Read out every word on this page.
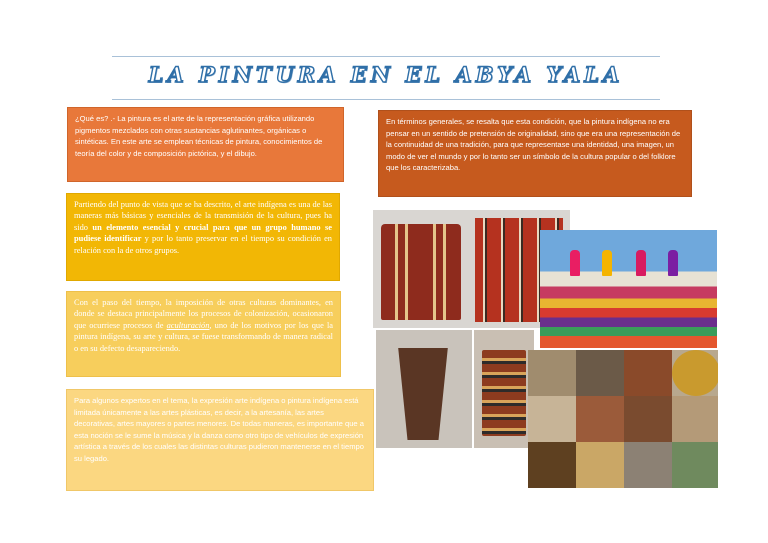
LA PINTURA EN EL ABYA YALA
¿Qué es? .- La pintura es el arte de la representación gráfica utilizando pigmentos mezclados con otras sustancias aglutinantes, orgánicas o sintéticas. En este arte se emplean técnicas de pintura, conocimientos de teoría del color y de composición pictórica, y el dibujo.
En términos generales, se resalta que esta condición, que la pintura indígena no era pensar en un sentido de pretensión de originalidad, sino que era una representación de la continuidad de una tradición, para que representase una identidad, una imagen, un modo de ver el mundo y por lo tanto ser un símbolo de la cultura popular o del folklore que los caracterizaba.
Partiendo del punto de vista que se ha descrito, el arte indígena es una de las maneras más básicas y esenciales de la transmisión de la cultura, pues ha sido un elemento esencial y crucial para que un grupo humano se pudiese identificar y por lo tanto preservar en el tiempo su condición en relación con la de otros grupos.
Con el paso del tiempo, la imposición de otras culturas dominantes, en donde se destaca principalmente los procesos de colonización, ocasionaron que ocurriese procesos de aculturación, uno de los motivos por los que la pintura indígena, su arte y cultura, se fuese transformando de manera radical o en su defecto desapareciendo.
Para algunos expertos en el tema, la expresión arte indígena o pintura indígena está limitada únicamente a las artes plásticas, es decir, a la artesanía, las artes decorativas, artes mayores o partes menores. De todas maneras, es importante que a esta noción se le sume la música y la danza como otro tipo de vehículos de expresión artística a través de los cuales las distintas culturas pudieron mantenerse en el tiempo su legado.
